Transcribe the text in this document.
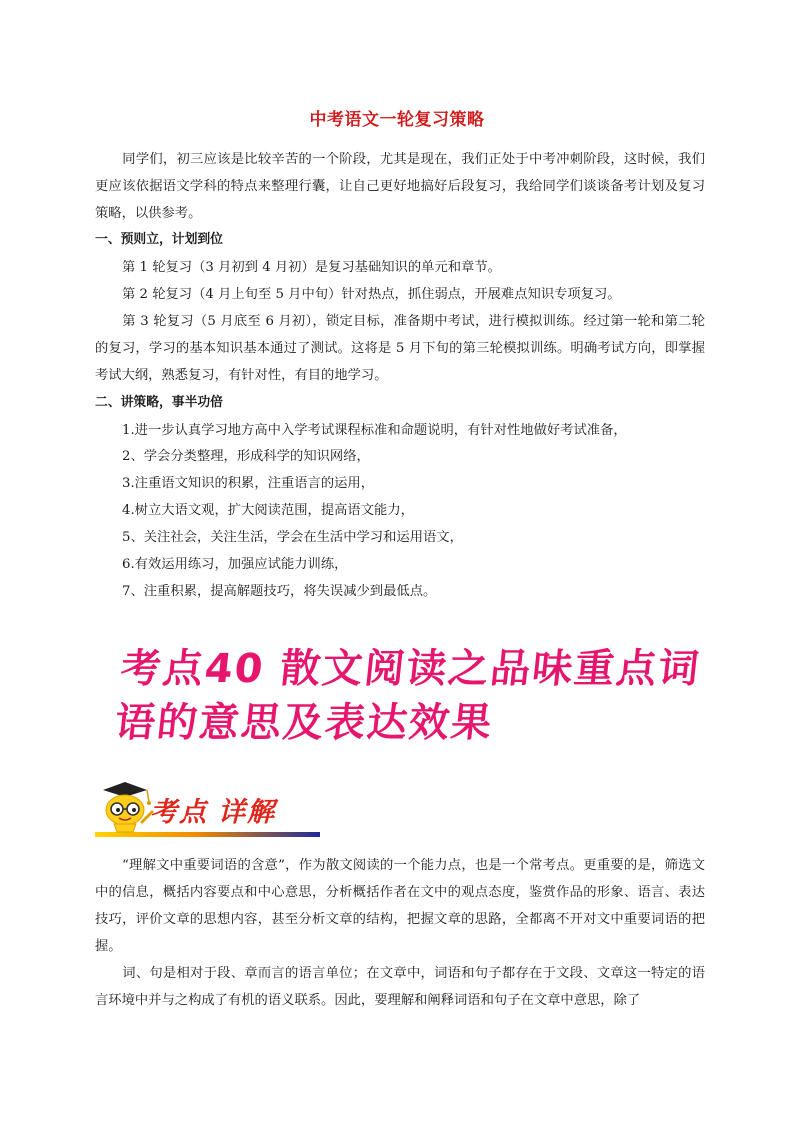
中考语文一轮复习策略
同学们，初三应该是比较辛苦的一个阶段，尤其是现在，我们正处于中考冲刺阶段，这时候，我们更应该依据语文学科的特点来整理行囊，让自己更好地搞好后段复习，我给同学们谈谈备考计划及复习策略，以供参考。
一、预则立，计划到位
第 1 轮复习（3 月初到 4 月初）是复习基础知识的单元和章节。
第 2 轮复习（4 月上旬至 5 月中旬）针对热点，抓住弱点，开展难点知识专项复习。
第 3 轮复习（5 月底至 6 月初），锁定目标，准备期中考试，进行模拟训练。经过第一轮和第二轮的复习，学习的基本知识基本通过了测试。这将是 5 月下旬的第三轮模拟训练。明确考试方向，即掌握考试大纲，熟悉复习，有针对性，有目的地学习。
二、讲策略，事半功倍
1.进一步认真学习地方高中入学考试课程标准和命题说明，有针对性地做好考试准备，
2、学会分类整理，形成科学的知识网络，
3.注重语文知识的积累，注重语言的运用，
4.树立大语文观，扩大阅读范围，提高语文能力，
5、关注社会，关注生活，学会在生活中学习和运用语文，
6.有效运用练习，加强应试能力训练，
7、注重积累，提高解题技巧，将失误减少到最低点。
考点40 散文阅读之品味重点词语的意思及表达效果
考点 详解
“理解文中重要词语的含意”，作为散文阅读的一个能力点，也是一个常考点。更重要的是，筛选文中的信息，概括内容要点和中心意思，分析概括作者在文中的观点态度，鉴赏作品的形象、语言、表达技巧，评价文章的思想内容，甚至分析文章的结构，把握文章的思路，全都离不开对文中重要词语的把握。
词、句是相对于段、章而言的语言单位；在文章中，词语和句子都存在于文段、文章这一特定的语言环境中并与之构成了有机的语义联系。因此，要理解和阐释词语和句子在文章中意思，除了
